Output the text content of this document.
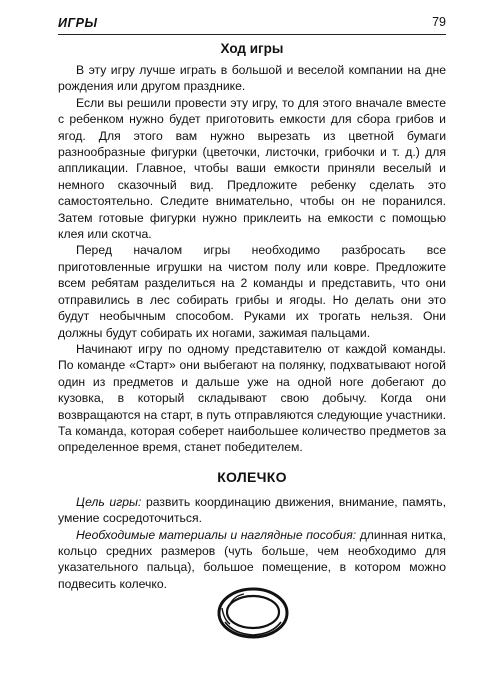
ИГРЫ	79
Ход игры

В эту игру лучше играть в большой и веселой компании на дне рождения или другом празднике.

Если вы решили провести эту игру, то для этого вначале вместе с ребенком нужно будет приготовить емкости для сбора грибов и ягод. Для этого вам нужно вырезать из цветной бумаги разнообразные фигурки (цветочки, листочки, грибочки и т. д.) для аппликации. Главное, чтобы ваши емкости приняли веселый и немного сказочный вид. Предложите ребенку сделать это самостоятельно. Следите внимательно, чтобы он не поранился. Затем готовые фигурки нужно приклеить на емкости с помощью клея или скотча.

Перед началом игры необходимо разбросать все приготовленные игрушки на чистом полу или ковре. Предложите всем ребятам разделиться на 2 команды и представить, что они отправились в лес собирать грибы и ягоды. Но делать они это будут необычным способом. Руками их трогать нельзя. Они должны будут собирать их ногами, зажимая пальцами.

Начинают игру по одному представителю от каждой команды. По команде «Старт» они выбегают на полянку, подхватывают ногой один из предметов и дальше уже на одной ноге добегают до кузовка, в который складывают свою добычу. Когда они возвращаются на старт, в путь отправляются следующие участники. Та команда, которая соберет наибольшее количество предметов за определенное время, станет победителем.

КОЛЕЧКО

Цель игры: развить координацию движения, внимание, память, умение сосредоточиться.

Необходимые материалы и наглядные пособия: длинная нитка, кольцо средних размеров (чуть больше, чем необходимо для указательного пальца), большое помещение, в котором можно подвесить колечко.
